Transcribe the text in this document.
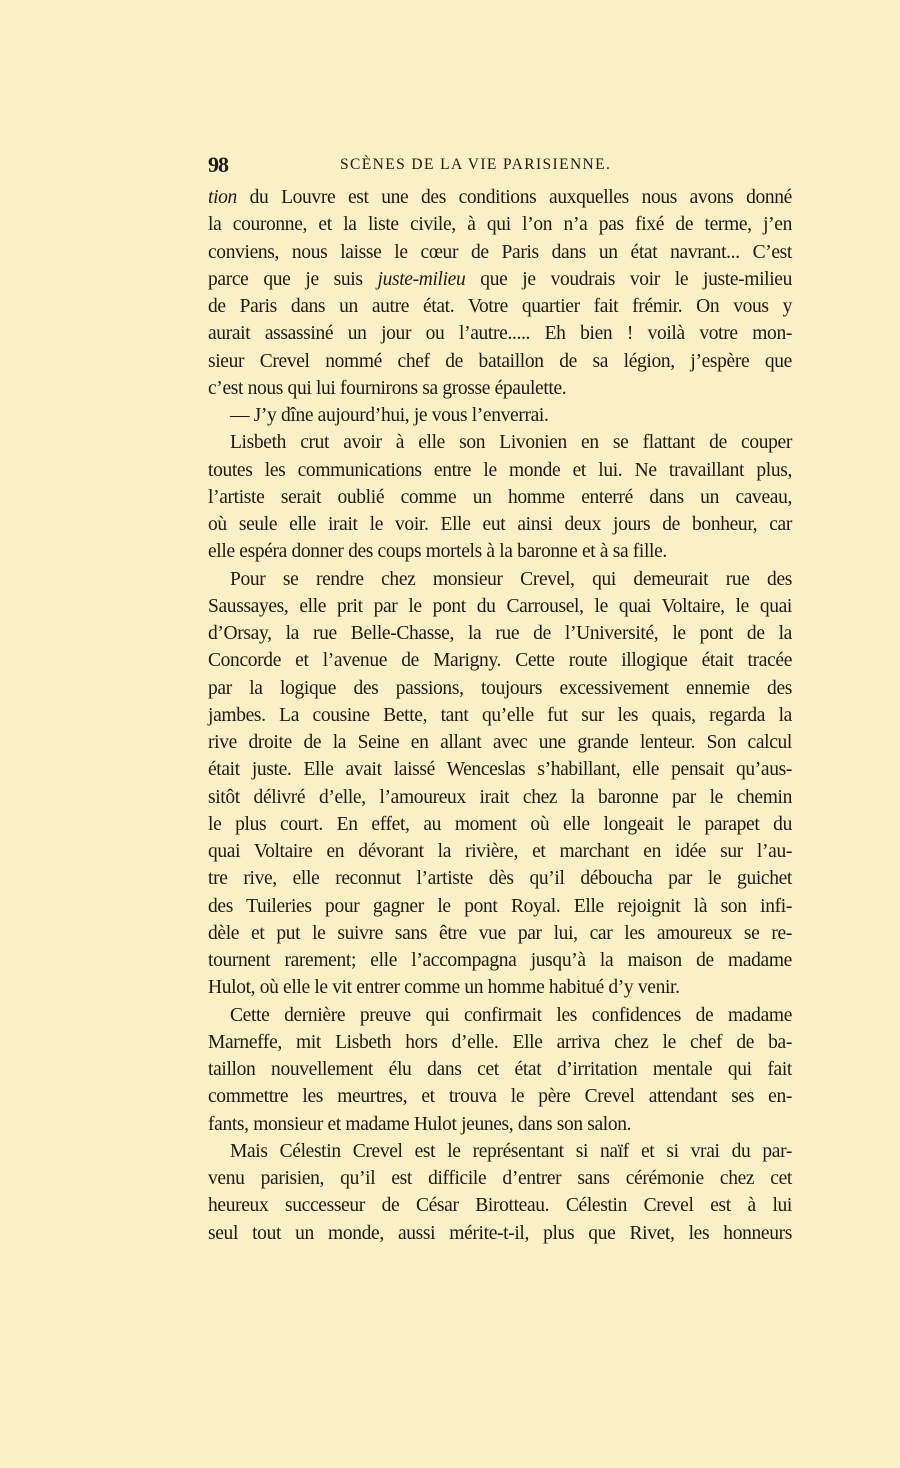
98	SCÈNES DE LA VIE PARISIENNE.
tion du Louvre est une des conditions auxquelles nous avons donné
la couronne, et la liste civile, à qui l’on n’a pas fixé de terme, j’en
conviens, nous laisse le cœur de Paris dans un état navrant... C’est
parce que je suis juste-milieu que je voudrais voir le juste-milieu
de Paris dans un autre état. Votre quartier fait frémir. On vous y
aurait assassiné un jour ou l’autre..... Eh bien ! voilà votre mon-
sieur Crevel nommé chef de bataillon de sa légion, j’espère que
c’est nous qui lui fournirons sa grosse épaulette.
— J’y dîne aujourd’hui, je vous l’enverrai.
Lisbeth crut avoir à elle son Livonien en se flattant de couper
toutes les communications entre le monde et lui. Ne travaillant plus,
l’artiste serait oublié comme un homme enterré dans un caveau,
où seule elle irait le voir. Elle eut ainsi deux jours de bonheur, car
elle espéra donner des coups mortels à la baronne et à sa fille.
Pour se rendre chez monsieur Crevel, qui demeurait rue des
Saussayes, elle prit par le pont du Carrousel, le quai Voltaire, le quai
d’Orsay, la rue Belle-Chasse, la rue de l’Université, le pont de la
Concorde et l’avenue de Marigny. Cette route illogique était tracée
par la logique des passions, toujours excessivement ennemie des
jambes. La cousine Bette, tant qu’elle fut sur les quais, regarda la
rive droite de la Seine en allant avec une grande lenteur. Son calcul
était juste. Elle avait laissé Wenceslas s’habillant, elle pensait qu’aus-
sitôt délivré d’elle, l’amoureux irait chez la baronne par le chemin
le plus court. En effet, au moment où elle longeait le parapet du
quai Voltaire en dévorant la rivière, et marchant en idée sur l’au-
tre rive, elle reconnut l’artiste dès qu’il déboucha par le guichet
des Tuileries pour gagner le pont Royal. Elle rejoignit là son infi-
dèle et put le suivre sans être vue par lui, car les amoureux se re-
tournent rarement; elle l’accompagna jusqu’à la maison de madame
Hulot, où elle le vit entrer comme un homme habitué d’y venir.
Cette dernière preuve qui confirmait les confidences de madame
Marneffe, mit Lisbeth hors d’elle. Elle arriva chez le chef de ba-
taillon nouvellement élu dans cet état d’irritation mentale qui fait
commettre les meurtres, et trouva le père Crevel attendant ses en-
fants, monsieur et madame Hulot jeunes, dans son salon.
Mais Célestin Crevel est le représentant si naïf et si vrai du par-
venu parisien, qu’il est difficile d’entrer sans cérémonie chez cet
heureux successeur de César Birotteau. Célestin Crevel est à lui
seul tout un monde, aussi mérite-t-il, plus que Rivet, les honneurs
